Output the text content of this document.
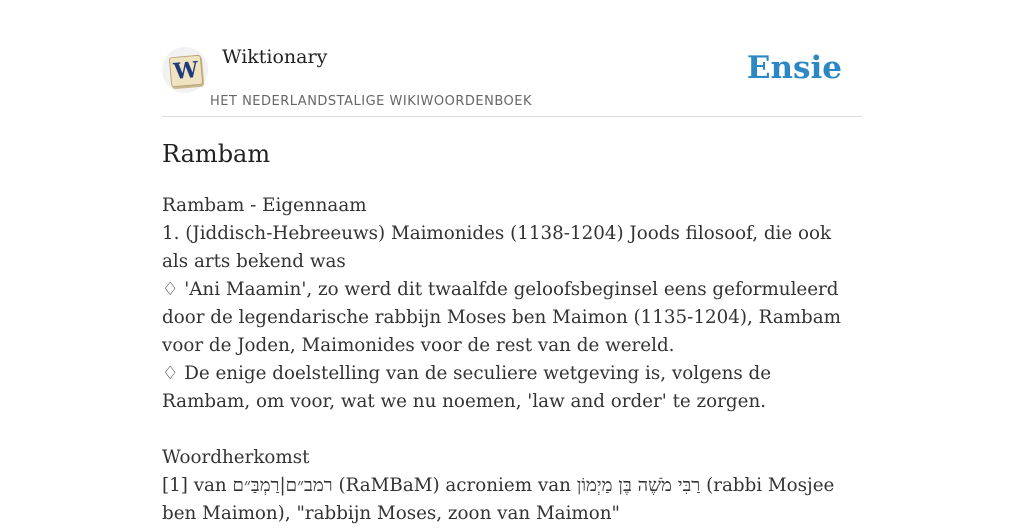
W Wiktionary
HET NEDERLANDSTALIGE WIKIWOORDENBOEK
Ensie
Rambam
Rambam - Eigennaam
1. (Jiddisch-Hebreeuws) Maimonides (1138-1204) Joods filosoof, die ook als arts bekend was
♢ 'Ani Maamin', zo werd dit twaalfde geloofsbeginsel eens geformuleerd door de legendarische rabbijn Moses ben Maimon (1135-1204), Rambam voor de Joden, Maimonides voor de rest van de wereld.
♢ De enige doelstelling van de seculiere wetgeving is, volgens de Rambam, om voor, wat we nu noemen, 'law and order' te zorgen.
Woordherkomst
[1] van רמב״ם|רַמְבַּ״ם (RaMBaM) acroniem van רַבִּי מֹשֶׁה בֶּן מַיְמוֹן (rabbi Mosjee ben Maimon), "rabbijn Moses, zoon van Maimon"
